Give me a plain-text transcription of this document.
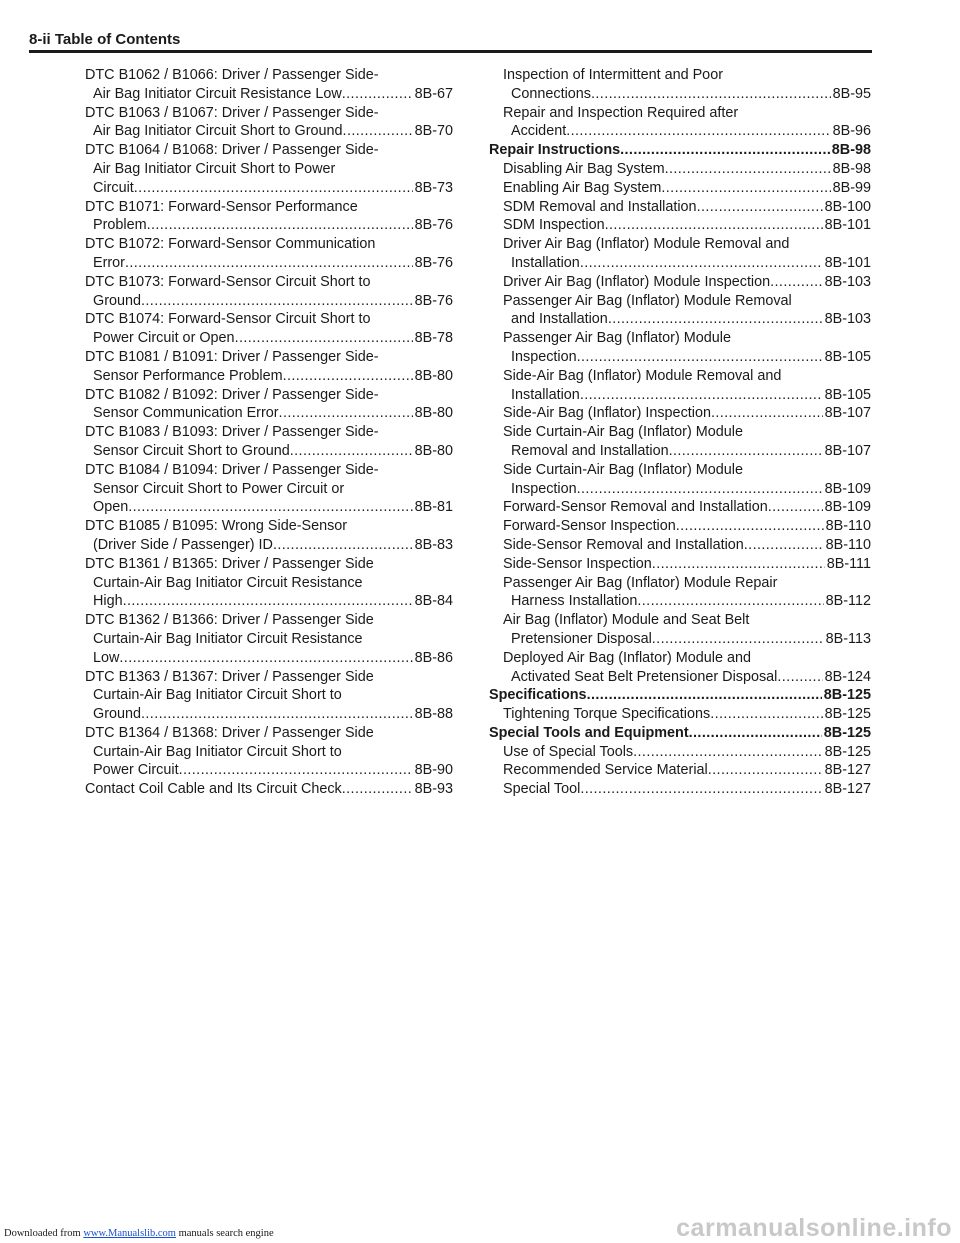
8-ii Table of Contents
DTC B1062 / B1066: Driver / Passenger Side-
Air Bag Initiator Circuit Resistance Low .....	8B-67
DTC B1063 / B1067: Driver / Passenger Side-
Air Bag Initiator Circuit Short to Ground .....	8B-70
DTC B1064 / B1068: Driver / Passenger Side-
Air Bag Initiator Circuit Short to Power
Circuit .....	8B-73
DTC B1071: Forward-Sensor Performance
Problem .....	8B-76
DTC B1072: Forward-Sensor Communication
Error .....	8B-76
DTC B1073: Forward-Sensor Circuit Short to
Ground .....	8B-76
DTC B1074: Forward-Sensor Circuit Short to
Power Circuit or Open .....	8B-78
DTC B1081 / B1091: Driver / Passenger Side-
Sensor Performance Problem .....	8B-80
DTC B1082 / B1092: Driver / Passenger Side-
Sensor Communication Error .....	8B-80
DTC B1083 / B1093: Driver / Passenger Side-
Sensor Circuit Short to Ground .....	8B-80
DTC B1084 / B1094: Driver / Passenger Side-
Sensor Circuit Short to Power Circuit or
Open .....	8B-81
DTC B1085 / B1095: Wrong Side-Sensor
(Driver Side / Passenger) ID .....	8B-83
DTC B1361 / B1365: Driver / Passenger Side
Curtain-Air Bag Initiator Circuit Resistance
High .....	8B-84
DTC B1362 / B1366: Driver / Passenger Side
Curtain-Air Bag Initiator Circuit Resistance
Low .....	8B-86
DTC B1363 / B1367: Driver / Passenger Side
Curtain-Air Bag Initiator Circuit Short to
Ground .....	8B-88
DTC B1364 / B1368: Driver / Passenger Side
Curtain-Air Bag Initiator Circuit Short to
Power Circuit .....	8B-90
Contact Coil Cable and Its Circuit Check .....	8B-93
Inspection of Intermittent and Poor
Connections .....	8B-95
Repair and Inspection Required after
Accident .....	8B-96
Repair Instructions .....	8B-98
Disabling Air Bag System .....	8B-98
Enabling Air Bag System .....	8B-99
SDM Removal and Installation .....	8B-100
SDM Inspection .....	8B-101
Driver Air Bag (Inflator) Module Removal and
Installation .....	8B-101
Driver Air Bag (Inflator) Module Inspection .....	8B-103
Passenger Air Bag (Inflator) Module Removal
and Installation .....	8B-103
Passenger Air Bag (Inflator) Module
Inspection .....	8B-105
Side-Air Bag (Inflator) Module Removal and
Installation .....	8B-105
Side-Air Bag (Inflator) Inspection .....	8B-107
Side Curtain-Air Bag (Inflator) Module
Removal and Installation .....	8B-107
Side Curtain-Air Bag (Inflator) Module
Inspection .....	8B-109
Forward-Sensor Removal and Installation .....	8B-109
Forward-Sensor Inspection .....	8B-110
Side-Sensor Removal and Installation .....	8B-110
Side-Sensor Inspection .....	8B-111
Passenger Air Bag (Inflator) Module Repair
Harness Installation .....	8B-112
Air Bag (Inflator) Module and Seat Belt
Pretensioner Disposal .....	8B-113
Deployed Air Bag (Inflator) Module and
Activated Seat Belt Pretensioner Disposal .....	8B-124
Specifications .....	8B-125
Tightening Torque Specifications .....	8B-125
Special Tools and Equipment .....	8B-125
Use of Special Tools .....	8B-125
Recommended Service Material .....	8B-127
Special Tool .....	8B-127
Downloaded from www.Manualslib.com manuals search engine	carmanualsonline.info
